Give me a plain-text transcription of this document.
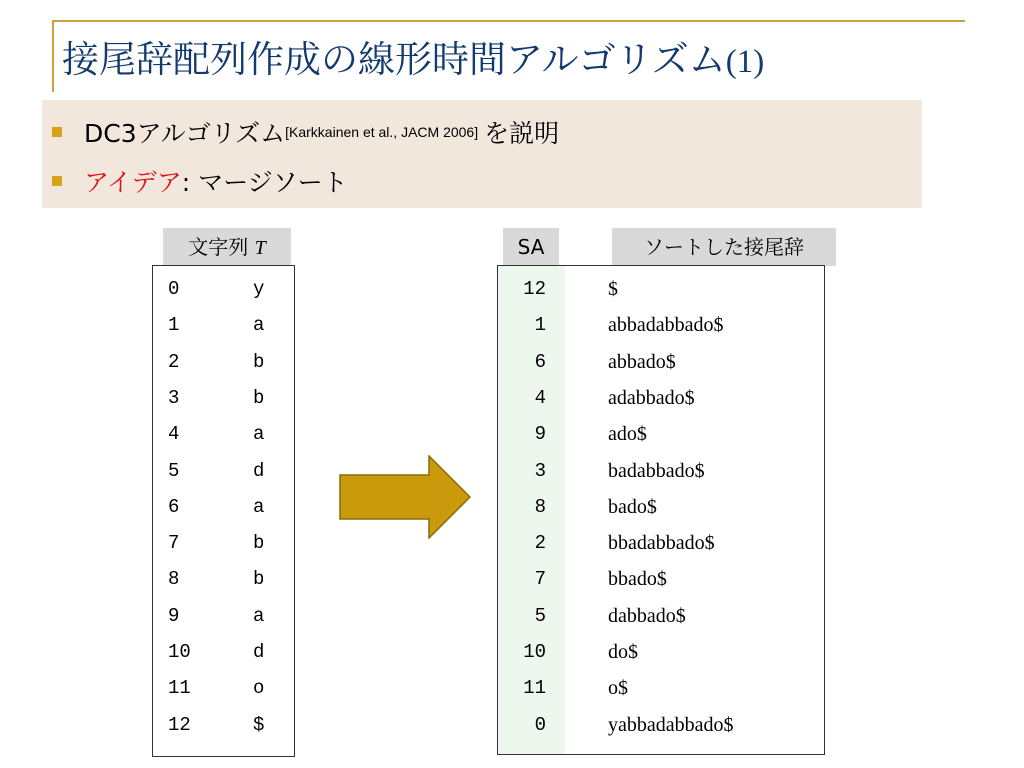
接尾辞配列作成の線形時間アルゴリズム(1)
DC3アルゴリズム [Karkkainen et al., JACM 2006] を説明
アイデア : マージソート
文字列 T	SA	ソートした接尾辞
0	y
1	a
2	b
3	b
4	a
5	d
6	a
7	b
8	b
9	a
10	d
11	o
12	$
12	$
1	abbadabbado$
6	abbado$
4	adabbado$
9	ado$
3	badabbado$
8	bado$
2	bbadabbado$
7	bbado$
5	dabbado$
10	do$
11	o$
0	yabbadabbado$
